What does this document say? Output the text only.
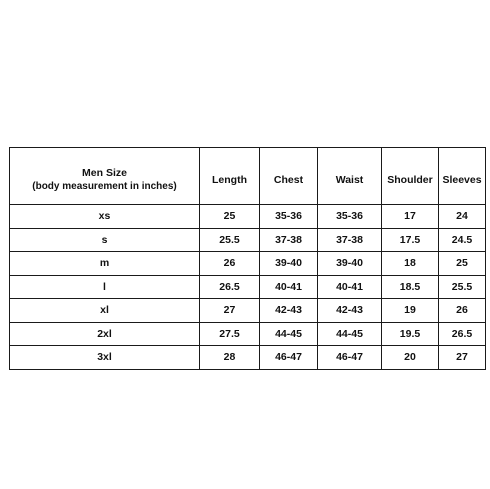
Men Size
(body measurement in inches)	Length	Chest	Waist	Shoulder	Sleeves
xs	25	35-36	35-36	17	24
s	25.5	37-38	37-38	17.5	24.5
m	26	39-40	39-40	18	25
l	26.5	40-41	40-41	18.5	25.5
xl	27	42-43	42-43	19	26
2xl	27.5	44-45	44-45	19.5	26.5
3xl	28	46-47	46-47	20	27
